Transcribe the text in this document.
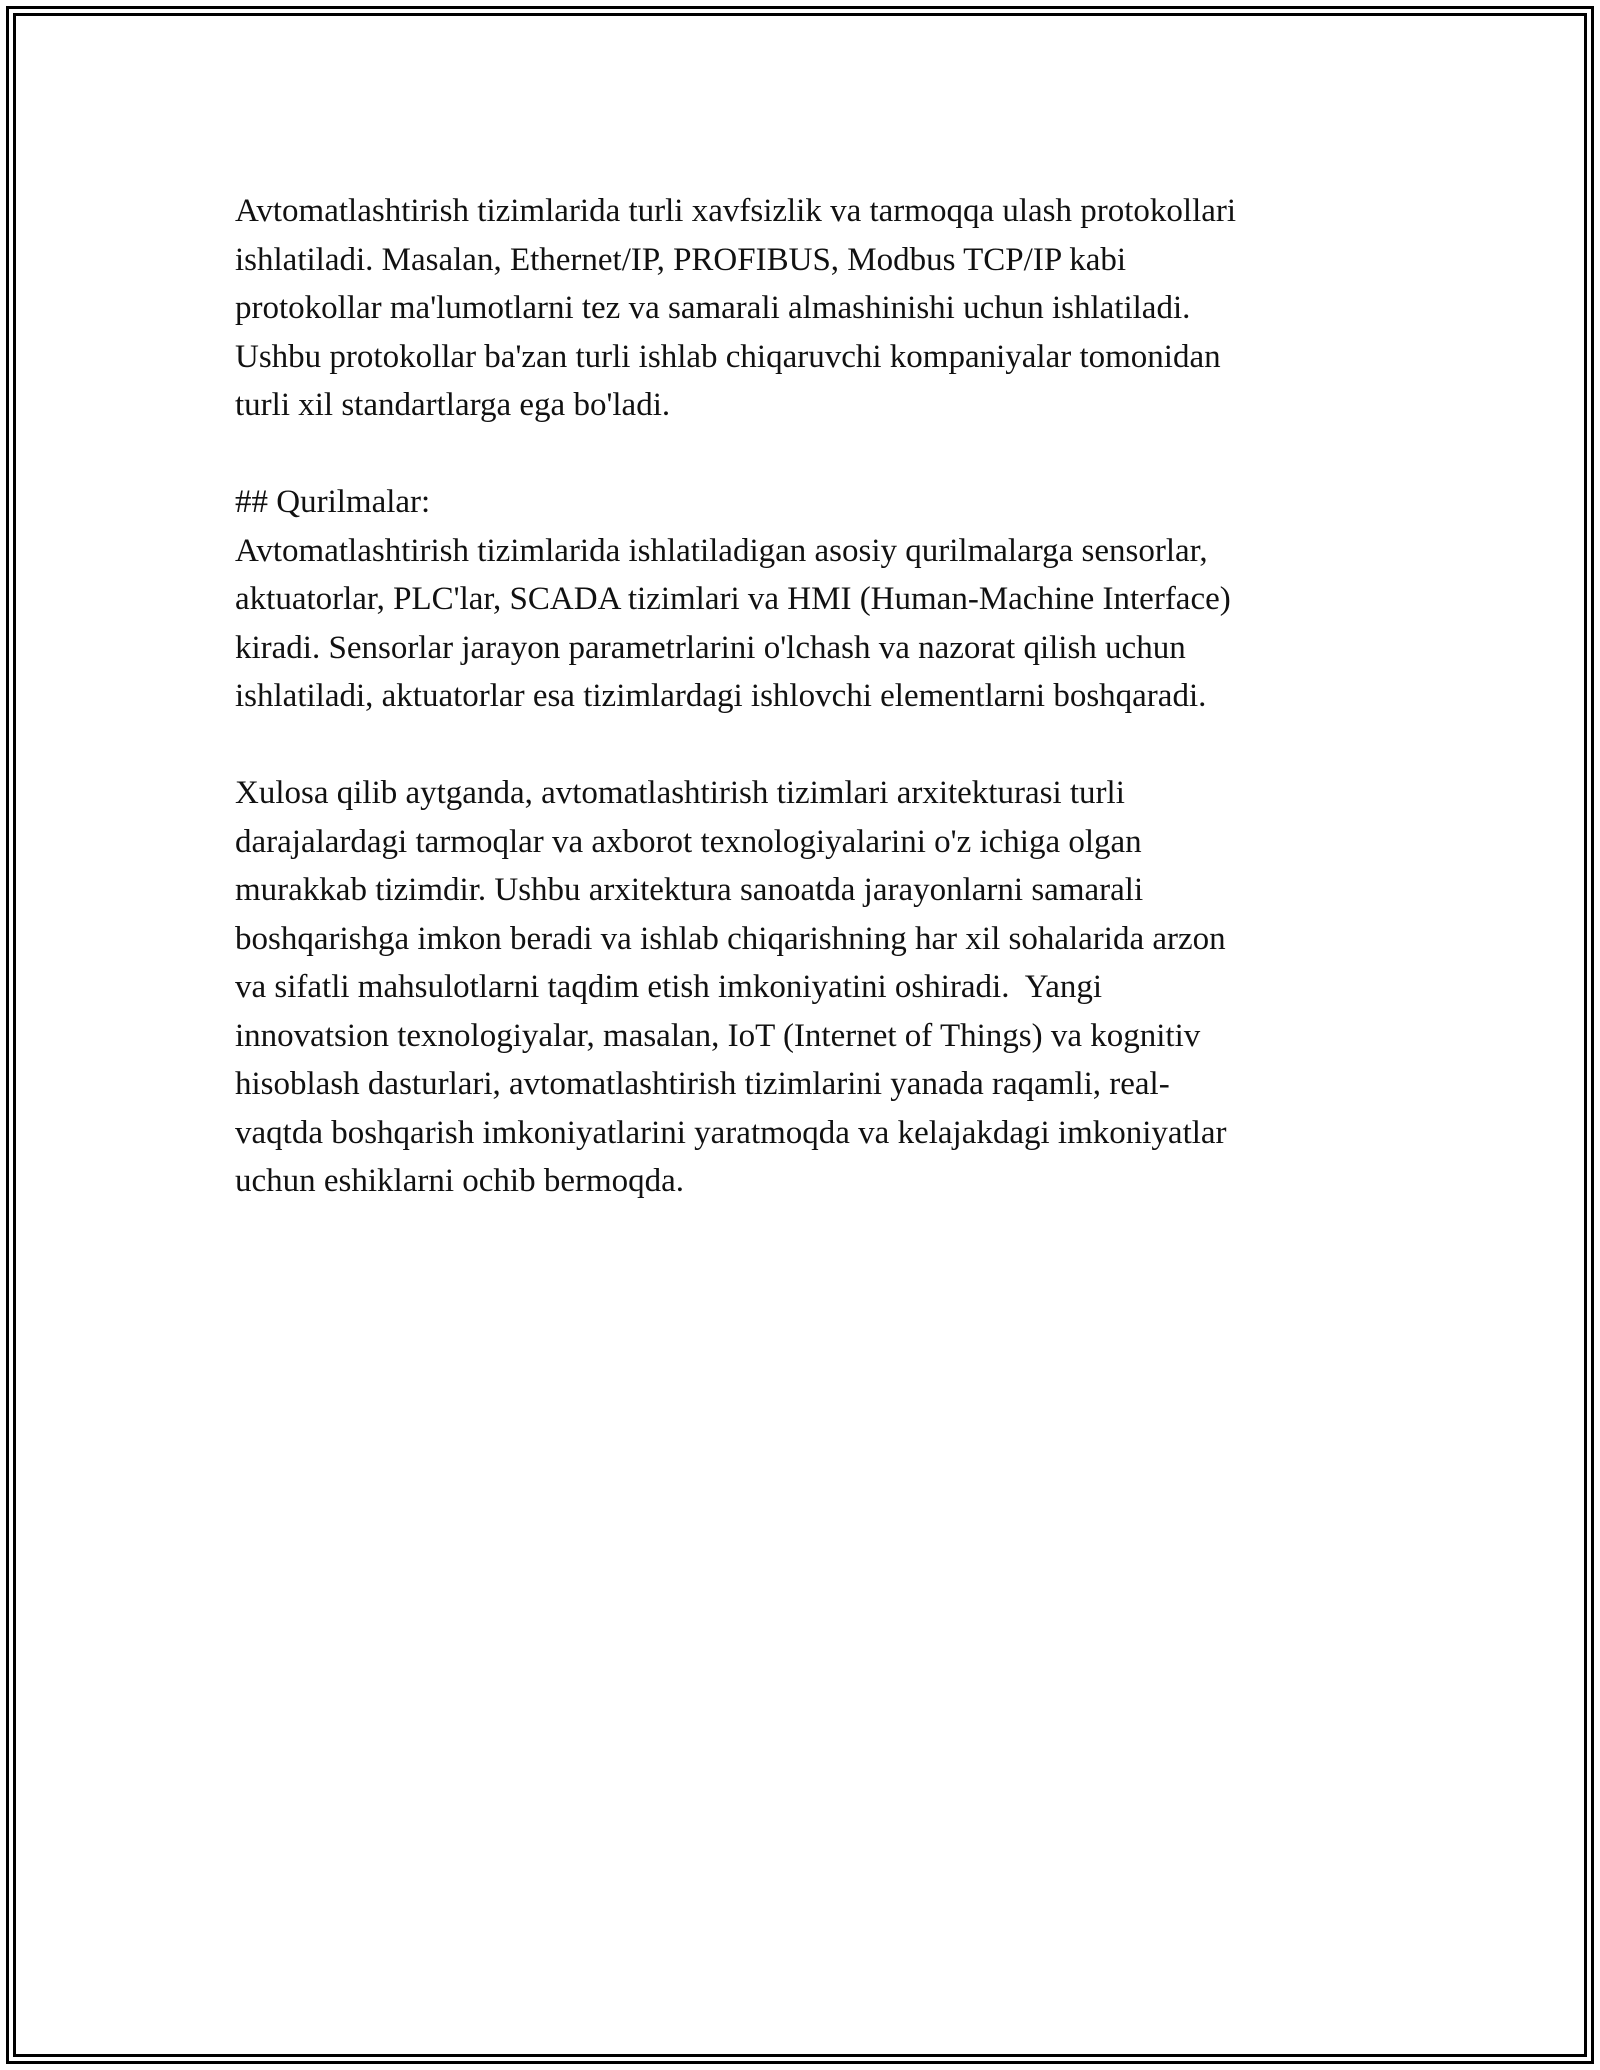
Avtomatlashtirish tizimlarida turli xavfsizlik va tarmoqqa ulash protokollari
ishlatiladi. Masalan, Ethernet/IP, PROFIBUS, Modbus TCP/IP kabi
protokollar ma'lumotlarni tez va samarali almashinishi uchun ishlatiladi.
Ushbu protokollar ba'zan turli ishlab chiqaruvchi kompaniyalar tomonidan
turli xil standartlarga ega bo'ladi.
## Qurilmalar:
Avtomatlashtirish tizimlarida ishlatiladigan asosiy qurilmalarga sensorlar,
aktuatorlar, PLC'lar, SCADA tizimlari va HMI (Human-Machine Interface)
kiradi. Sensorlar jarayon parametrlarini o'lchash va nazorat qilish uchun
ishlatiladi, aktuatorlar esa tizimlardagi ishlovchi elementlarni boshqaradi.
Xulosa qilib aytganda, avtomatlashtirish tizimlari arxitekturasi turli
darajalardagi tarmoqlar va axborot texnologiyalarini o'z ichiga olgan
murakkab tizimdir. Ushbu arxitektura sanoatda jarayonlarni samarali
boshqarishga imkon beradi va ishlab chiqarishning har xil sohalarida arzon
va sifatli mahsulotlarni taqdim etish imkoniyatini oshiradi.  Yangi
innovatsion texnologiyalar, masalan, IoT (Internet of Things) va kognitiv
hisoblash dasturlari, avtomatlashtirish tizimlarini yanada raqamli, real-
vaqtda boshqarish imkoniyatlarini yaratmoqda va kelajakdagi imkoniyatlar
uchun eshiklarni ochib bermoqda.
